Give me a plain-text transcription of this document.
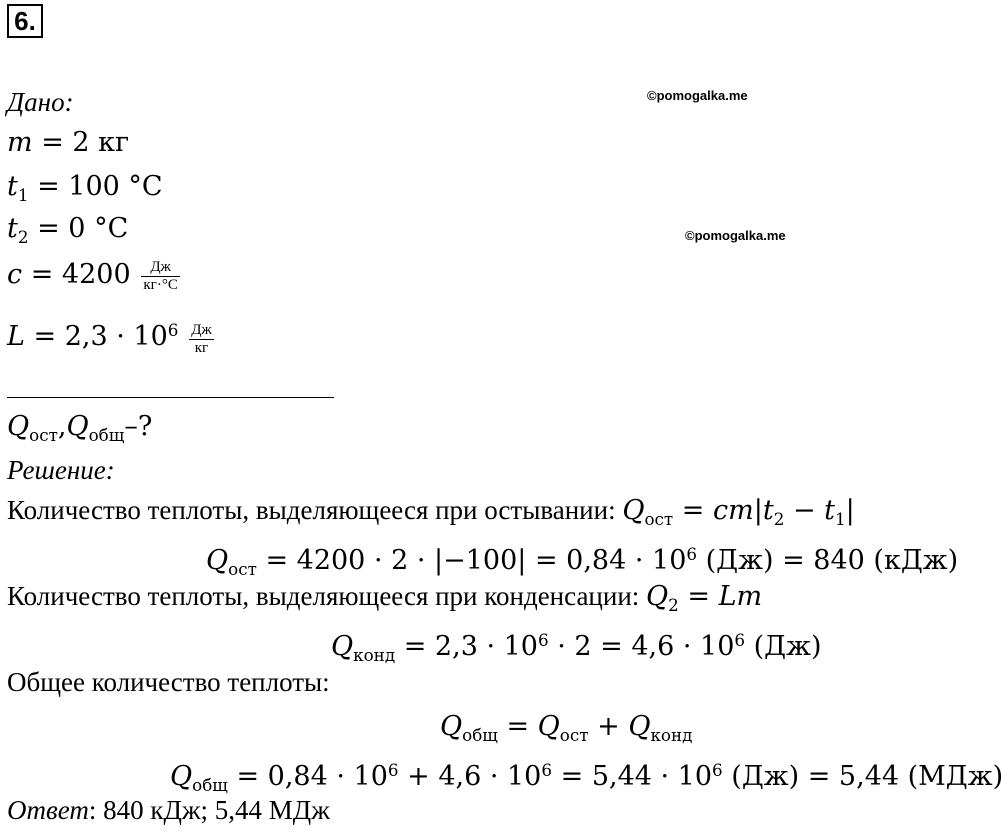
6.
©pomogalka.me
©pomogalka.me
Дано:
m = 2 кг
$t_1 = 100$ °C
$t_2 = 0$ °C
$c = 4200 \frac{Дж}{кг\cdot^\circ С}$
$L = 2,3 \cdot 10^6 \frac{Дж}{кг}$
$Q_{ост},Q_{общ}-$?
Решение:
Количество теплоты, выделяющееся при остывании: $Q_{ост} = cm|t_2 - t_1|$
$Q_{ост} = 4200 \cdot 2 \cdot |-100| = 0,84 \cdot 10^6$ (Дж) = 840 (кДж)
Количество теплоты, выделяющееся при конденсации: $Q_2 = Lm$
$Q_{конд} = 2,3 \cdot 10^6 \cdot 2 = 4,6 \cdot 10^6$ (Дж)
Общее количество теплоты:
$Q_{общ} = Q_{ост} + Q_{конд}$
$Q_{общ} = 0,84 \cdot 10^6 + 4,6 \cdot 10^6 = 5,44 \cdot 10^6$ (Дж) = 5,44 (МДж)
Ответ: 840 кДж; 5,44 МДж
